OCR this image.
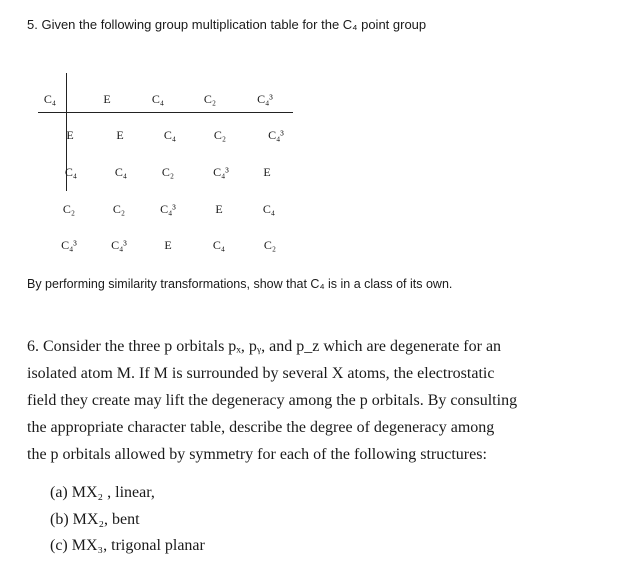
5. Given the following group multiplication table for the C₄ point group
C₄	E	C₄	C₂	C₄³
E	E	C₄	C₂	C₄³
C₄	C₄	C₂	C₄³	E
C₂	C₂	C₄³	E	C₄
C₄³	C₄³	E	C₄	C₂
By performing similarity transformations, show that C₄ is in a class of its own.

6. Consider the three p orbitals pₓ, pᵧ, and p_z which are degenerate for an
isolated atom M. If M is surrounded by several X atoms, the electrostatic
field they create may lift the degeneracy among the p orbitals. By consulting
the appropriate character table, describe the degree of degeneracy among
the p orbitals allowed by symmetry for each of the following structures:

(a) MX₂ , linear,
(b) MX₂, bent
(c) MX₃, trigonal planar
